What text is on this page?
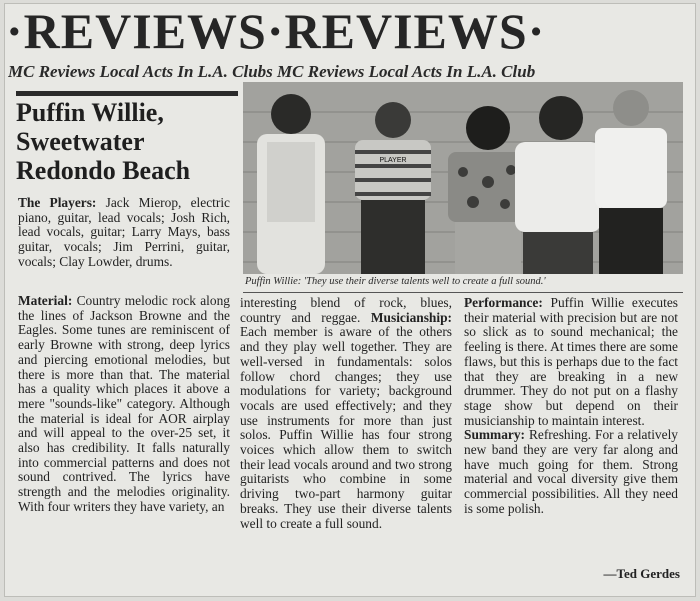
·REVIEWS·REVIEWS·
MC Reviews Local Acts In L.A. Clubs MC Reviews Local Acts In L.A. Club
Puffin Willie,
Sweetwater
Redondo Beach
The Players: Jack Mierop, electric piano, guitar, lead vocals; Josh Rich, lead vocals, guitar; Larry Mays, bass guitar, vocals; Jim Perrini, guitar, vocals; Clay Lowder, drums.
Material: Country melodic rock along the lines of Jackson Browne and the Eagles. Some tunes are reminiscent of early Browne with strong, deep lyrics and piercing emotional melodies, but there is more than that. The material has a quality which places it above a mere "sounds-like" category. Although the material is ideal for AOR airplay and will appeal to the over-25 set, it also has credibility. It falls naturally into commercial patterns and does not sound contrived. The lyrics have strength and the melodies originality. With four writers they have variety, an
PLAYER
Puffin Willie: 'They use their diverse talents well to create a full sound.'
interesting blend of rock, blues, country and reggae. Musicianship: Each member is aware of the others and they play well together. They are well-versed in fundamentals: solos follow chord changes; they use modulations for variety; background vocals are used effectively; and they use instruments for more than just solos. Puffin Willie has four strong voices which allow them to switch their lead vocals around and two strong guitarists who combine in some driving two-part harmony guitar breaks. They use their diverse talents well to create a full sound.
Performance: Puffin Willie executes their material with precision but are not so slick as to sound mechanical; the feeling is there. At times there are some flaws, but this is perhaps due to the fact that they are breaking in a new drummer. They do not put on a flashy stage show but depend on their musicianship to maintain interest.
Summary: Refreshing. For a relatively new band they are very far along and have much going for them. Strong material and vocal diversity give them commercial possibilities. All they need is some polish.
—Ted Gerdes
